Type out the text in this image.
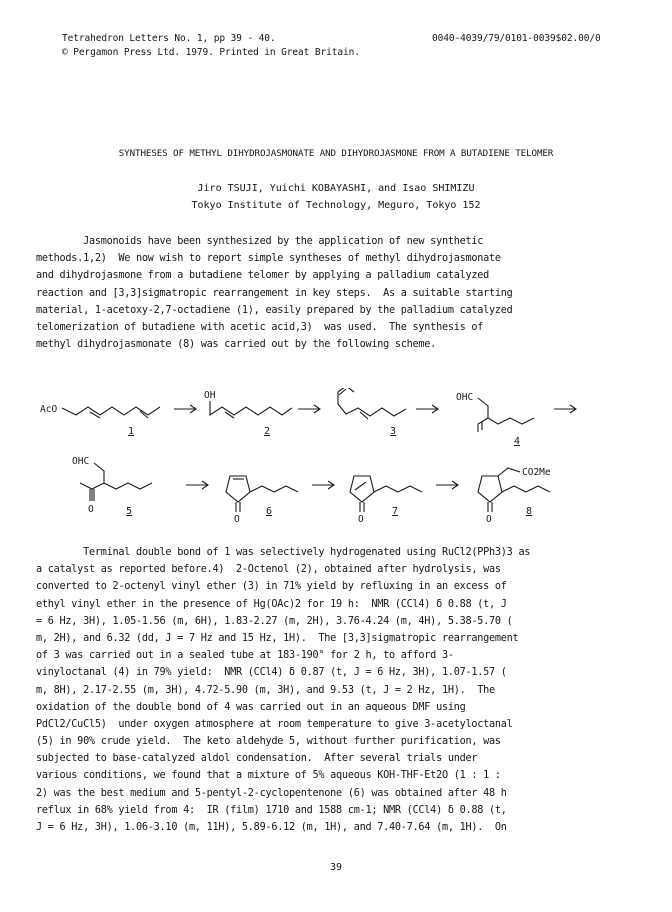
Tetrahedron Letters No. 1, pp 39 - 40.
© Pergamon Press Ltd. 1979. Printed in Great Britain.
0040-4039/79/0101-0039$02.00/0
SYNTHESES OF METHYL DIHYDROJASMONATE AND DIHYDROJASMONE FROM A BUTADIENE TELOMER
Jiro TSUJI, Yuichi KOBAYASHI, and Isao SHIMIZU
Tokyo Institute of Technology, Meguro, Tokyo 152
Jasmonoids have been synthesized by the application of new synthetic
methods.1,2)  We now wish to report simple syntheses of methyl dihydrojasmonate
and dihydrojasmone from a butadiene telomer by applying a palladium catalyzed
reaction and [3,3]sigmatropic rearrangement in key steps.  As a suitable starting
material, 1-acetoxy-2,7-octadiene (1), easily prepared by the palladium catalyzed
telomerization of butadiene with acetic acid,3)  was used.  The synthesis of
methyl dihydrojasmonate (8) was carried out by the following scheme.
AcO
OH	OHC
OHC
CO2Me
O
O	O	O
1	2	3
4
5	6	7	8
Terminal double bond of 1 was selectively hydrogenated using RuCl2(PPh3)3 as
a catalyst as reported before.4)  2-Octenol (2), obtained after hydrolysis, was
converted to 2-octenyl vinyl ether (3) in 71% yield by refluxing in an excess of
ethyl vinyl ether in the presence of Hg(OAc)2 for 19 h:  NMR (CCl4) δ 0.88 (t, J
= 6 Hz, 3H), 1.05-1.56 (m, 6H), 1.83-2.27 (m, 2H), 3.76-4.24 (m, 4H), 5.38-5.70 (
m, 2H), and 6.32 (dd, J = 7 Hz and 15 Hz, 1H).  The [3,3]sigmatropic rearrangement
of 3 was carried out in a sealed tube at 183-190° for 2 h, to afford 3-
vinyloctanal (4) in 79% yield:  NMR (CCl4) δ 0.87 (t, J = 6 Hz, 3H), 1.07-1.57 (
m, 8H), 2.17-2.55 (m, 3H), 4.72-5.90 (m, 3H), and 9.53 (t, J = 2 Hz, 1H).  The
oxidation of the double bond of 4 was carried out in an aqueous DMF using
PdCl2/CuCl5)  under oxygen atmosphere at room temperature to give 3-acetyloctanal
(5) in 90% crude yield.  The keto aldehyde 5, without further purification, was
subjected to base-catalyzed aldol condensation.  After several trials under
various conditions, we found that a mixture of 5% aqueous KOH-THF-Et2O (1 : 1 :
2) was the best medium and 5-pentyl-2-cyclopentenone (6) was obtained after 48 h
reflux in 68% yield from 4:  IR (film) 1710 and 1588 cm-1; NMR (CCl4) δ 0.88 (t,
J = 6 Hz, 3H), 1.06-3.10 (m, 11H), 5.89-6.12 (m, 1H), and 7.40-7.64 (m, 1H).  On
39
